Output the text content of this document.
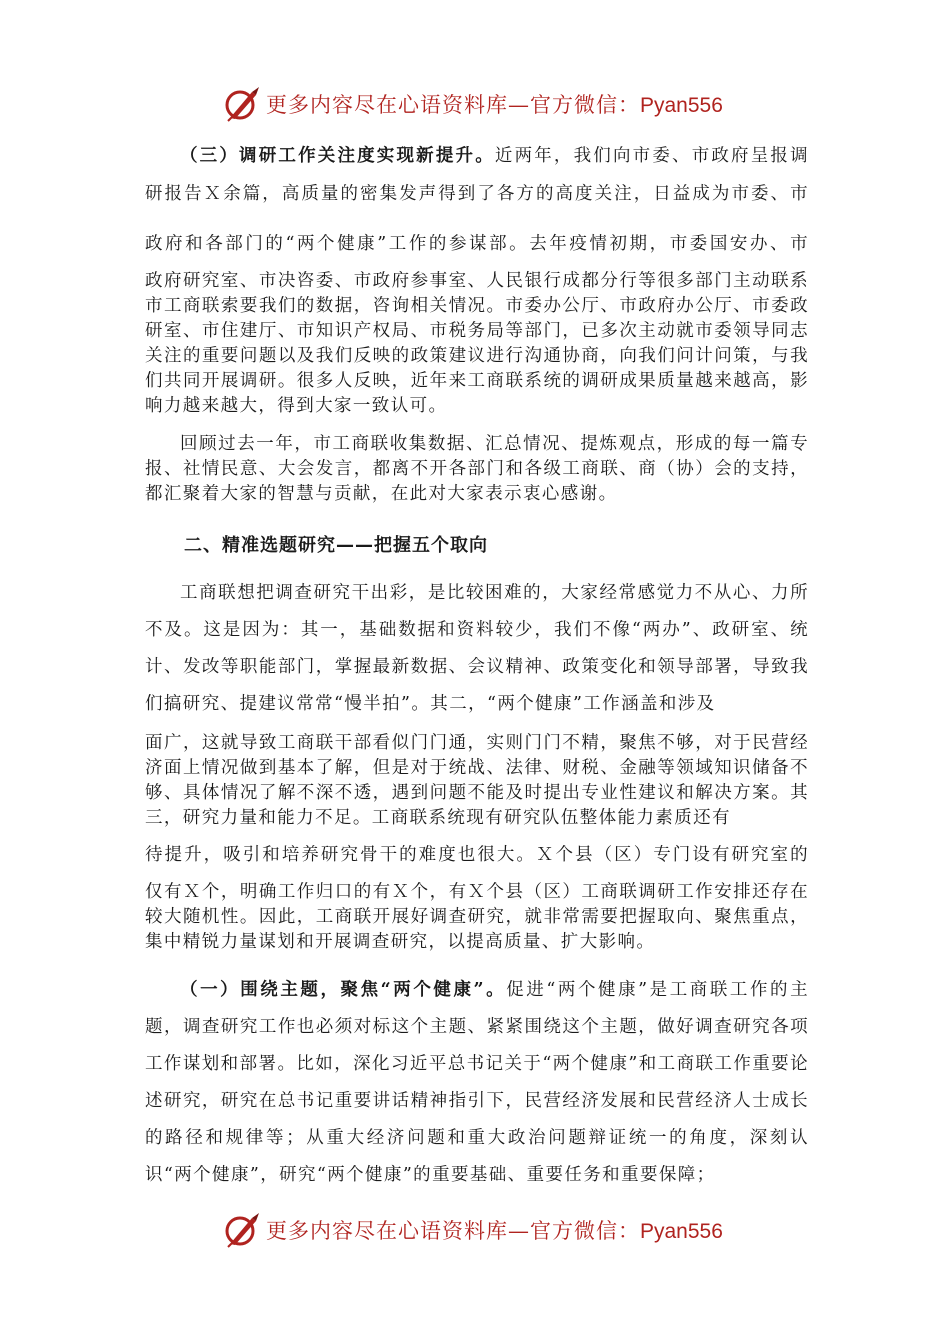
更多内容尽在心语资料库—官方微信：Pyan556

（三）调研工作关注度实现新提升。近两年，我们向市委、市政府呈报调

研报告Ｘ余篇，高质量的密集发声得到了各方的高度关注，日益成为市委、市

政府和各部门的“两个健康”工作的参谋部。去年疫情初期，市委国安办、市

政府研究室、市决咨委、市政府参事室、人民银行成都分行等很多部门主动联系市工商联索要我们的数据，咨询相关情况。市委办公厅、市政府办公厅、市委政研室、市住建厅、市知识产权局、市税务局等部门，已多次主动就市委领导同志关注的重要问题以及我们反映的政策建议进行沟通协商，向我们问计问策，与我们共同开展调研。很多人反映，近年来工商联系统的调研成果质量越来越高，影响力越来越大，得到大家一致认可。

回顾过去一年，市工商联收集数据、汇总情况、提炼观点，形成的每一篇专报、社情民意、大会发言，都离不开各部门和各级工商联、商（协）会的支持，都汇聚着大家的智慧与贡献，在此对大家表示衷心感谢。

二、精准选题研究——把握五个取向

工商联想把调查研究干出彩，是比较困难的，大家经常感觉力不从心、力所不及。这是因为：其一，基础数据和资料较少，我们不像“两办”、政研室、统计、发改等职能部门，掌握最新数据、会议精神、政策变化和领导部署，导致我们搞研究、提建议常常“慢半拍”。其二，“两个健康”工作涵盖和涉及

面广，这就导致工商联干部看似门门通，实则门门不精，聚焦不够，对于民营经济面上情况做到基本了解，但是对于统战、法律、财税、金融等领域知识储备不够、具体情况了解不深不透，遇到问题不能及时提出专业性建议和解决方案。其三，研究力量和能力不足。工商联系统现有研究队伍整体能力素质还有

待提升，吸引和培养研究骨干的难度也很大。Ｘ个县（区）专门设有研究室的

仅有Ｘ个，明确工作归口的有Ｘ个，有Ｘ个县（区）工商联调研工作安排还存在较大随机性。因此，工商联开展好调查研究，就非常需要把握取向、聚焦重点，集中精锐力量谋划和开展调查研究，以提高质量、扩大影响。

（一）围绕主题，聚焦“两个健康”。促进“两个健康”是工商联工作的主题，调查研究工作也必须对标这个主题、紧紧围绕这个主题，做好调查研究各项工作谋划和部署。比如，深化习近平总书记关于“两个健康”和工商联工作重要论述研究，研究在总书记重要讲话精神指引下，民营经济发展和民营经济人士成长的路径和规律等；从重大经济问题和重大政治问题辩证统一的角度，深刻认识“两个健康”，研究“两个健康”的重要基础、重要任务和重要保障；

更多内容尽在心语资料库—官方微信：Pyan556
